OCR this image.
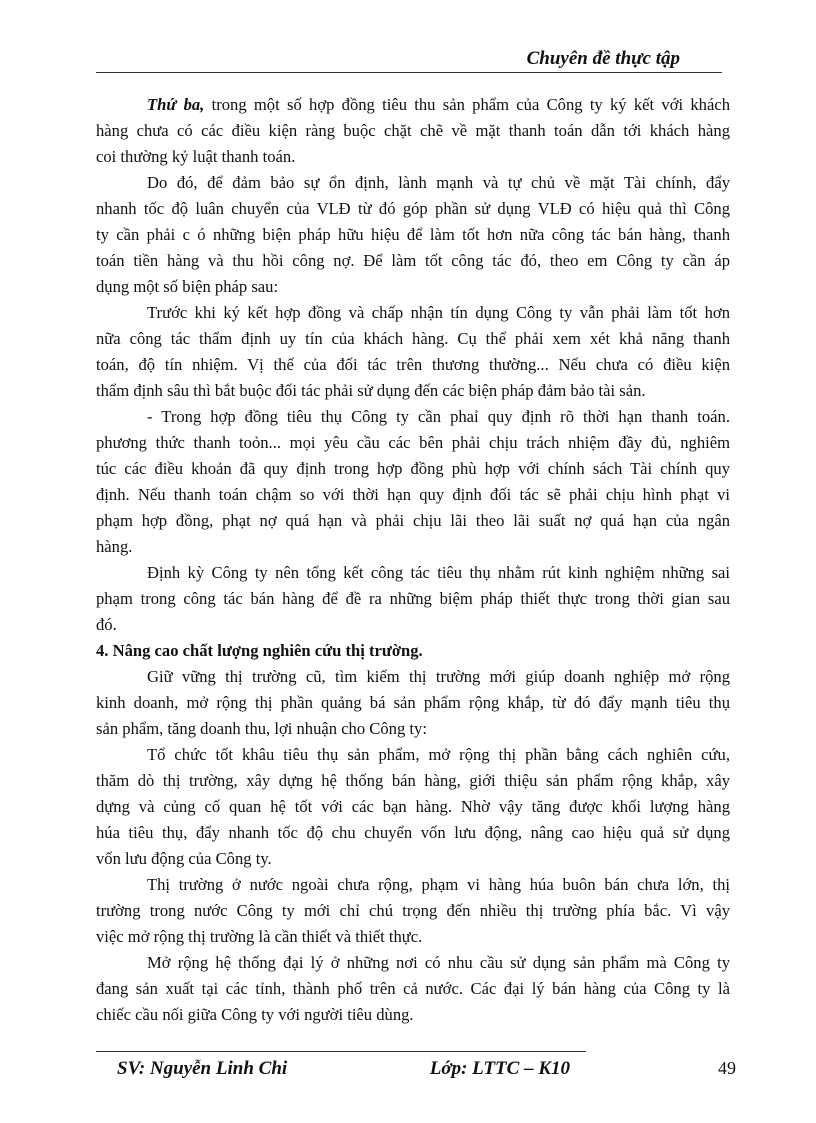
Chuyên đề thực tập
Thứ ba, trong một số hợp đồng tiêu thu sản phẩm của Công ty ký kết với khách
hàng chưa có các điều kiện ràng buộc chặt chẽ về mặt thanh toán dẫn tới khách hàng
coi thường kỷ luật thanh toán.
Do đó, để đảm bảo sự ổn định, lành mạnh và tự chủ về mặt Tài chính, đẩy
nhanh tốc độ luân chuyển của VLĐ từ đó góp phần sử dụng VLĐ có hiệu quả thì Công
ty cần phải c ó những biện pháp hữu hiệu để làm tốt hơn nữa công tác bán hàng, thanh
toán tiền hàng và thu hồi công nợ. Để làm tốt công tác đó, theo em Công ty cần áp
dụng một số biện pháp sau:
Trước khi ký kết hợp đồng và chấp nhận tín dụng Công ty vẫn phải làm tốt hơn
nữa công tác thẩm định uy tín của khách hàng. Cụ thể phải xem xét khả năng thanh
toán, độ tín nhiệm. Vị thế của đối tác trên thương thường... Nếu chưa có điều kiện
thẩm định sâu thì bắt buộc đối tác phải sử dụng đến các biện pháp đảm bảo tài sản.
- Trong hợp đồng tiêu thụ Công ty cần phaỉ quy định rõ thời hạn thanh toán.
phương thức thanh toỏn... mọi yêu cầu các bên phải chịu trách nhiệm đầy đủ, nghiêm
túc các điều khoản đã quy định trong hợp đồng phù hợp với chính sách Tài chính quy
định. Nếu thanh toán chậm so với thời hạn quy định đối tác sẽ phải chịu hình phạt vi
phạm hợp đồng, phạt nợ quá hạn và phải chịu lãi theo lãi suất nợ quá hạn của ngân
hàng.
Định kỳ Công ty nên tổng kết công tác tiêu thụ nhằm rút kinh nghiệm những sai
phạm trong công tác bán hàng để đề ra những biệm pháp thiết thực trong thời gian sau
đó.
4. Nâng cao chất lượng nghiên cứu thị trường.
Giữ vững thị trường cũ, tìm kiếm thị trường mới giúp doanh nghiệp mở rộng
kinh doanh, mở rộng thị phần quảng bá sản phẩm rộng khắp, từ đó đẩy mạnh tiêu thụ
sản phẩm, tăng doanh thu, lợi nhuận cho Công ty:
Tổ chức tốt khâu tiêu thụ sản phẩm, mở rộng thị phần bằng cách nghiên cứu,
thăm dò thị trường, xây dựng hệ thống bán hàng, giới thiệu sản phẩm rộng khắp, xây
dựng và củng cố quan hệ tốt với các bạn hàng. Nhờ vậy tăng được khối lượng hàng
húa tiêu thụ, đẩy nhanh tốc độ chu chuyển vốn lưu động, nâng cao hiệu quả sử dụng
vốn lưu động của Công ty.
Thị trường ở nước ngoài chưa rộng, phạm vi hàng húa buôn bán chưa lớn, thị
trường trong nước Công ty mới chỉ chú trọng đến nhiều thị trường phía bắc. Vì vậy
việc mở rộng thị trường là cần thiết và thiết thực.
Mở rộng hệ thống đại lý ở những nơi có nhu cầu sử dụng sản phẩm mà Công ty
đang sản xuất tại các tỉnh, thành phố trên cả nước. Các đại lý bán hàng của Công ty là
chiếc cầu nối giữa Công ty với người tiêu dùng.
SV: Nguyễn Linh Chi	Lớp: LTTC – K10	49
